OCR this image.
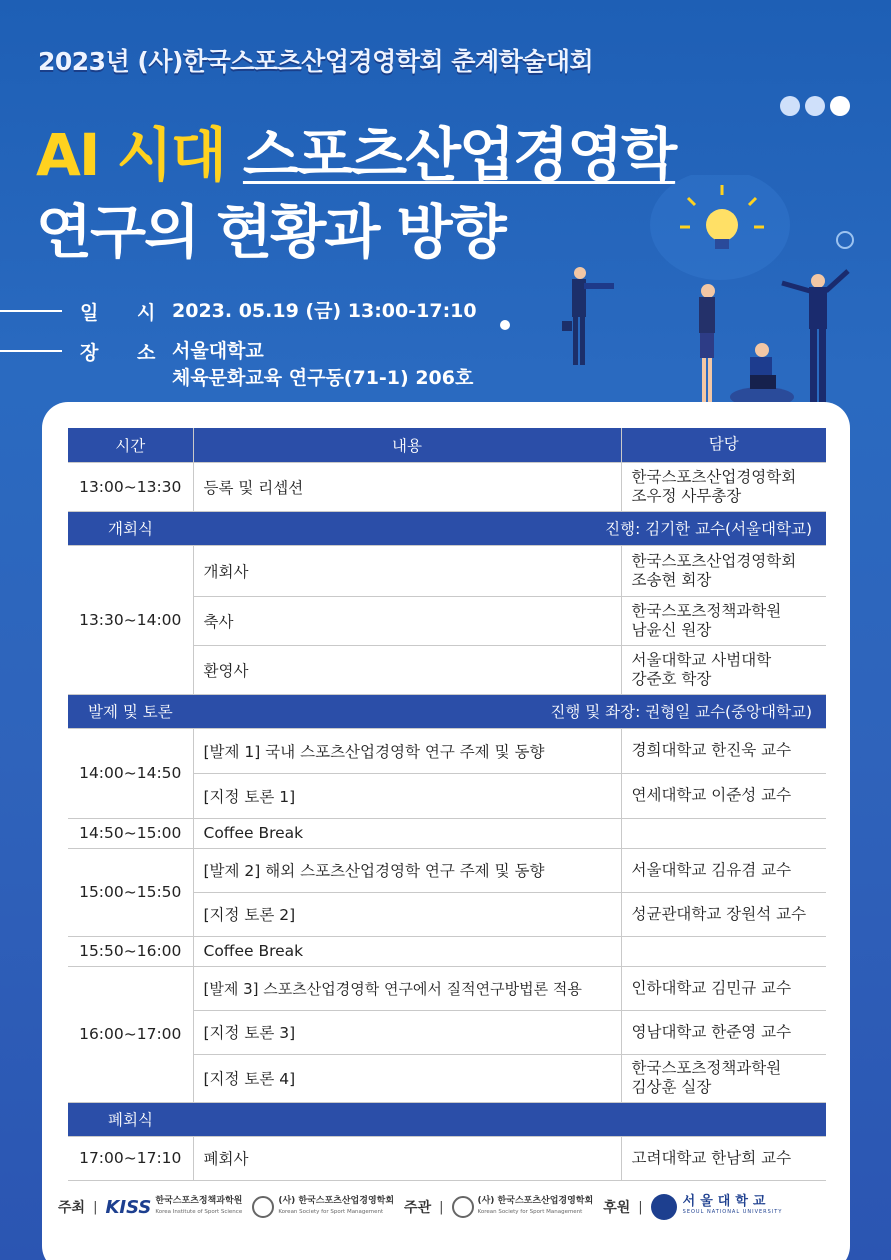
2023년 (사)한국스포츠산업경영학회 춘계학술대회
AI 시대 스포츠산업경영학
연구의 현황과 방향
일 시 2023. 05.19 (금) 13:00-17:10
장 소 서울대학교
체육문화교육 연구동(71-1) 206호
시간	내용	담당
13:00~13:30	등록 및 리셉션	한국스포츠산업경영학회
조우정 사무총장

개회식	진행: 김기한 교수(서울대학교)	
13:30~14:00	개회사	한국스포츠산업경영학회
조송현 회장

	축사	한국스포츠정책과학원
남윤신 원장

	환영사	서울대학교 사범대학
강준호 학장

발제 및 토론	진행 및 좌장: 권형일 교수(중앙대학교)	
14:00~14:50	[발제 1] 국내 스포츠산업경영학 연구 주제 및 동향	경희대학교 한진욱 교수
	[지정 토론 1]	연세대학교 이준성 교수
14:50~15:00	Coffee Break	
15:00~15:50	[발제 2] 해외 스포츠산업경영학 연구 주제 및 동향	서울대학교 김유겸 교수
	[지정 토론 2]	성균관대학교 장원석 교수
15:50~16:00	Coffee Break	
16:00~17:00	[발제 3] 스포츠산업경영학 연구에서 질적연구방법론 적용	인하대학교 김민규 교수
	[지정 토론 3]	영남대학교 한준영 교수
	[지정 토론 4]	한국스포츠정책과학원
김상훈 실장

폐회식		
17:00~17:10	폐회사	고려대학교 한남희 교수
주최 | KISS 한국스포츠정책과학원
Korea Institute of Sport Science
(사) 한국스포츠산업경영학회
Korean Society for Sport Management	주관 |	(사) 한국스포츠산업경영학회
Korean Society for Sport Management	후원 |	서울대학교
SEOUL NATIONAL UNIVERSITY
